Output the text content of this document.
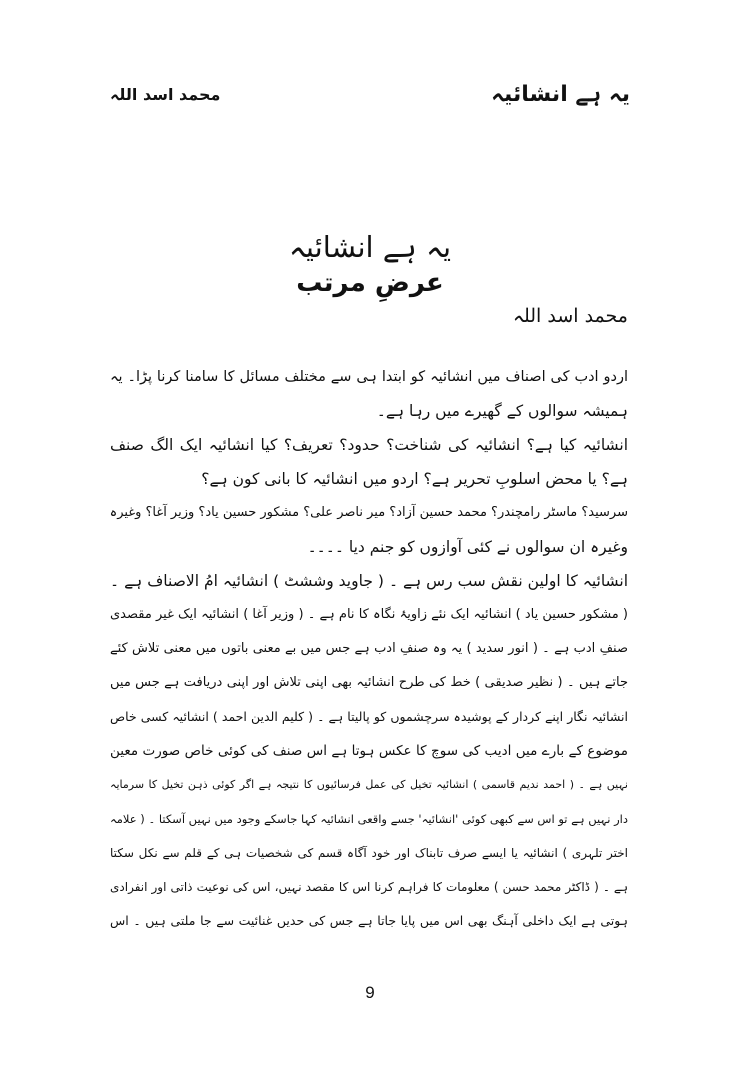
محمد اسد اللہ	یہ ہے انشائیہ
یہ ہے انشائیہ
عرضِ مرتب
محمد اسد اللہ
اردو ادب کی اصناف میں انشائیہ کو ابتدا ہی سے مختلف مسائل کا سامنا کرنا پڑا۔ یہ
ہمیشہ سوالوں کے گھیرے میں رہا ہے۔
انشائیہ کیا ہے؟ انشائیہ کی شناخت؟ حدود؟ تعریف؟ کیا انشائیہ ایک الگ صنف
ہے؟ یا محض اسلوبِ تحریر ہے؟ اردو میں انشائیہ کا بانی کون ہے؟
سرسید؟ ماسٹر رامچندر؟ محمد حسین آزاد؟ میر ناصر علی؟ مشکور حسین یاد؟ وزیر آغا؟ وغیرہ
وغیرہ ان سوالوں نے کئی آوازوں کو جنم دیا ۔۔۔۔
انشائیہ کا اولین نقش سب رس ہے ۔ ( جاوید وششٹ ) انشائیہ امُ الاصناف ہے ۔
( مشکور حسین یاد ) انشائیہ ایک نئے زاویۂ نگاہ کا نام ہے ۔ ( وزیر آغا ) انشائیہ ایک غیر مقصدی
صنفِ ادب ہے ۔ ( انور سدید ) یہ وہ صنفِ ادب ہے جس میں بے معنی باتوں میں معنی تلاش کئے
جاتے ہیں ۔ ( نظیر صدیقی ) خط کی طرح انشائیہ بھی اپنی تلاش اور اپنی دریافت ہے جس میں
انشائیہ نگار اپنے کردار کے پوشیدہ سرچشموں کو پالیتا ہے ۔ ( کلیم الدین احمد ) انشائیہ کسی خاص
موضوع کے بارے میں ادیب کی سوچ کا عکس ہوتا ہے اس صنف کی کوئی خاص صورت معین
نہیں ہے ۔ ( احمد ندیم قاسمی ) انشائیہ تخیل کی عمل فرسائیوں کا نتیجہ ہے اگر کوئی ذہن تخیل کا سرمایہ
دار نہیں ہے تو اس سے کبھی کوئی 'انشائیہ' جسے واقعی انشائیہ کہا جاسکے وجود میں نہیں آسکتا ۔ ( علامہ
اختر تلہری ) انشائیہ یا ایسے صرف تابناک اور خود آگاہ قسم کی شخصیات ہی کے قلم سے نکل سکتا
ہے ۔ ( ڈاکٹر محمد حسن ) معلومات کا فراہم کرنا اس کا مقصد نہیں، اس کی نوعیت ذاتی اور انفرادی
ہوتی ہے ایک داخلی آہنگ بھی اس میں پایا جاتا ہے جس کی حدیں غنائیت سے جا ملتی ہیں ۔ اس
9
